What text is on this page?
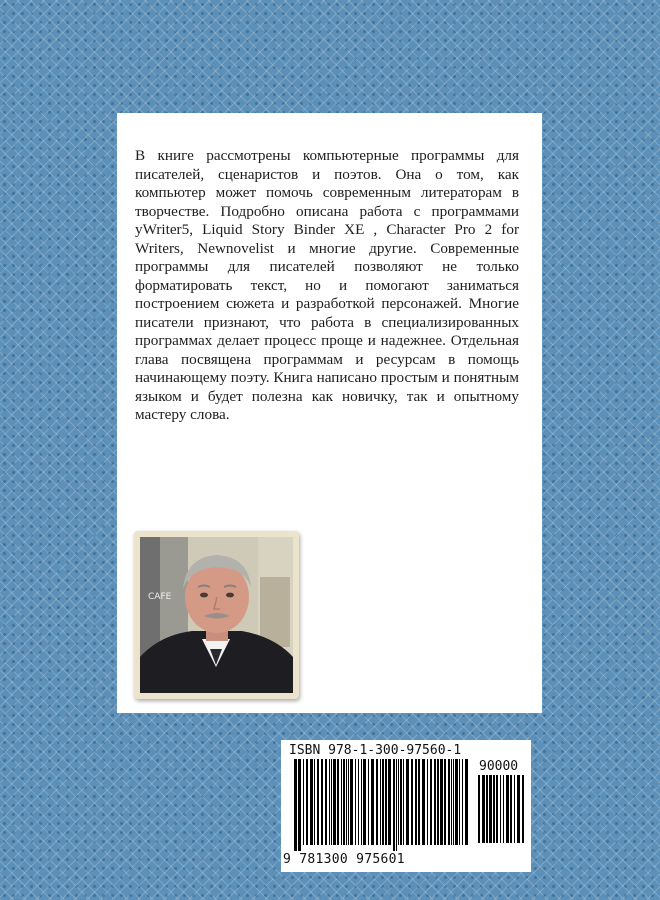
В книге рассмотрены компьютерные программы для писателей, сценаристов и поэтов. Она о том, как компьютер может помочь современным литераторам в творчестве. Подробно описана работа с программами yWriter5, Liquid Story Binder XE , Character Pro 2 for Writers, Newnovelist и многие другие. Современные программы для писателей позволяют не только форматировать текст, но и помогают заниматься построением сюжета и разработкой персонажей. Многие писатели признают, что работа в специализированных программах делает процесс проще и надежнее. Отдельная глава посвящена программам и ресурсам в помощь начинающему поэту. Книга написано простым и понятным языком и будет полезна как новичку, так и опытному мастеру слова.

CAFE
ISBN 978-1-300-97560-1
90000
9 781300 975601
